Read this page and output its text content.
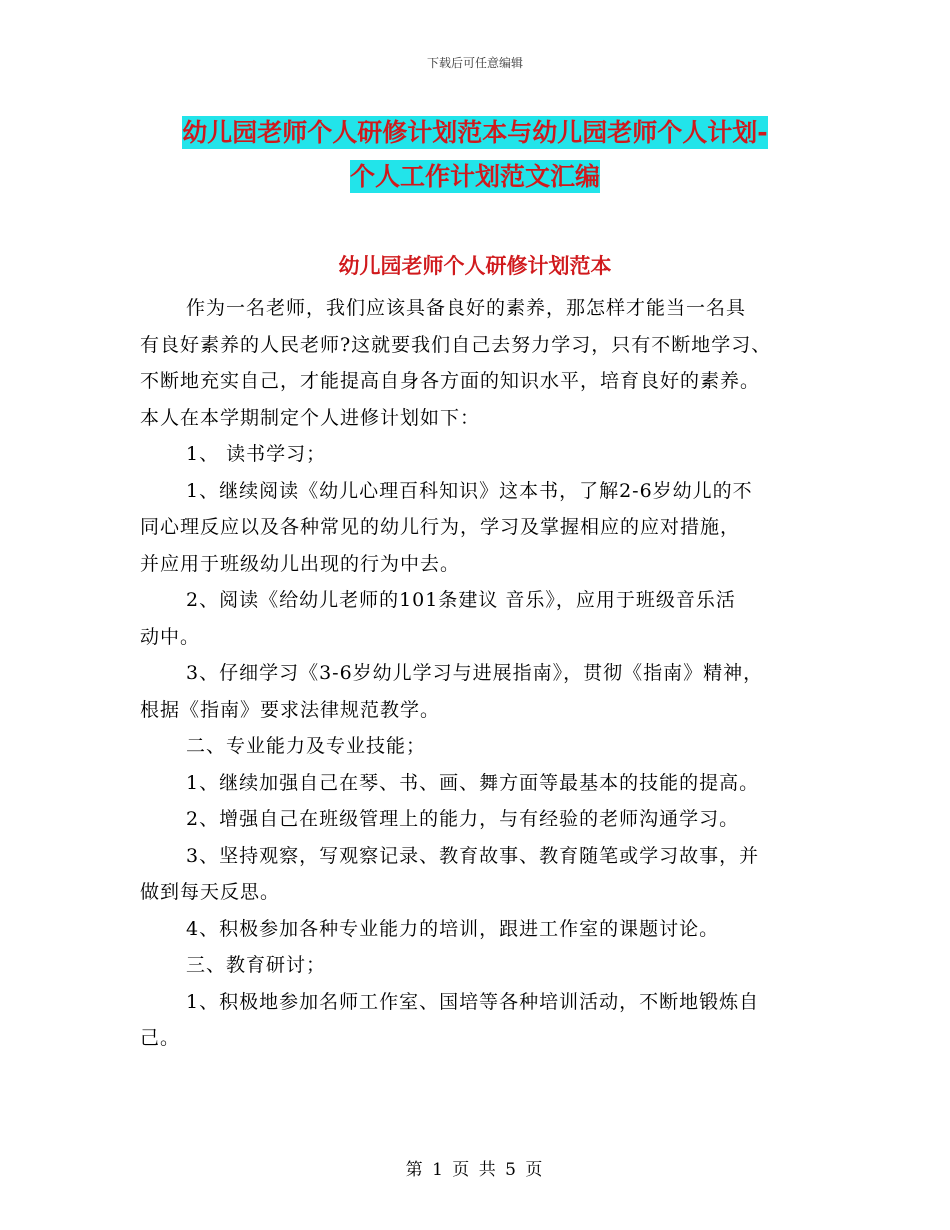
下载后可任意编辑
幼儿园老师个人研修计划范本与幼儿园老师个人计划-
个人工作计划范文汇编
幼儿园老师个人研修计划范本
作为一名老师，我们应该具备良好的素养，那怎样才能当一名具
有良好素养的人民老师?这就要我们自己去努力学习，只有不断地学习、
不断地充实自己，才能提高自身各方面的知识水平，培育良好的素养。
本人在本学期制定个人进修计划如下：
1、 读书学习；
1、继续阅读《幼儿心理百科知识》这本书，了解2-6岁幼儿的不
同心理反应以及各种常见的幼儿行为，学习及掌握相应的应对措施，
并应用于班级幼儿出现的行为中去。
2、阅读《给幼儿老师的101条建议 音乐》，应用于班级音乐活
动中。
3、仔细学习《3-6岁幼儿学习与进展指南》，贯彻《指南》精神，
根据《指南》要求法律规范教学。
二、专业能力及专业技能；
1、继续加强自己在琴、书、画、舞方面等最基本的技能的提高。
2、增强自己在班级管理上的能力，与有经验的老师沟通学习。
3、坚持观察，写观察记录、教育故事、教育随笔或学习故事，并
做到每天反思。
4、积极参加各种专业能力的培训，跟进工作室的课题讨论。
三、教育研讨；
1、积极地参加名师工作室、国培等各种培训活动，不断地锻炼自
己。
第 1 页 共 5 页
